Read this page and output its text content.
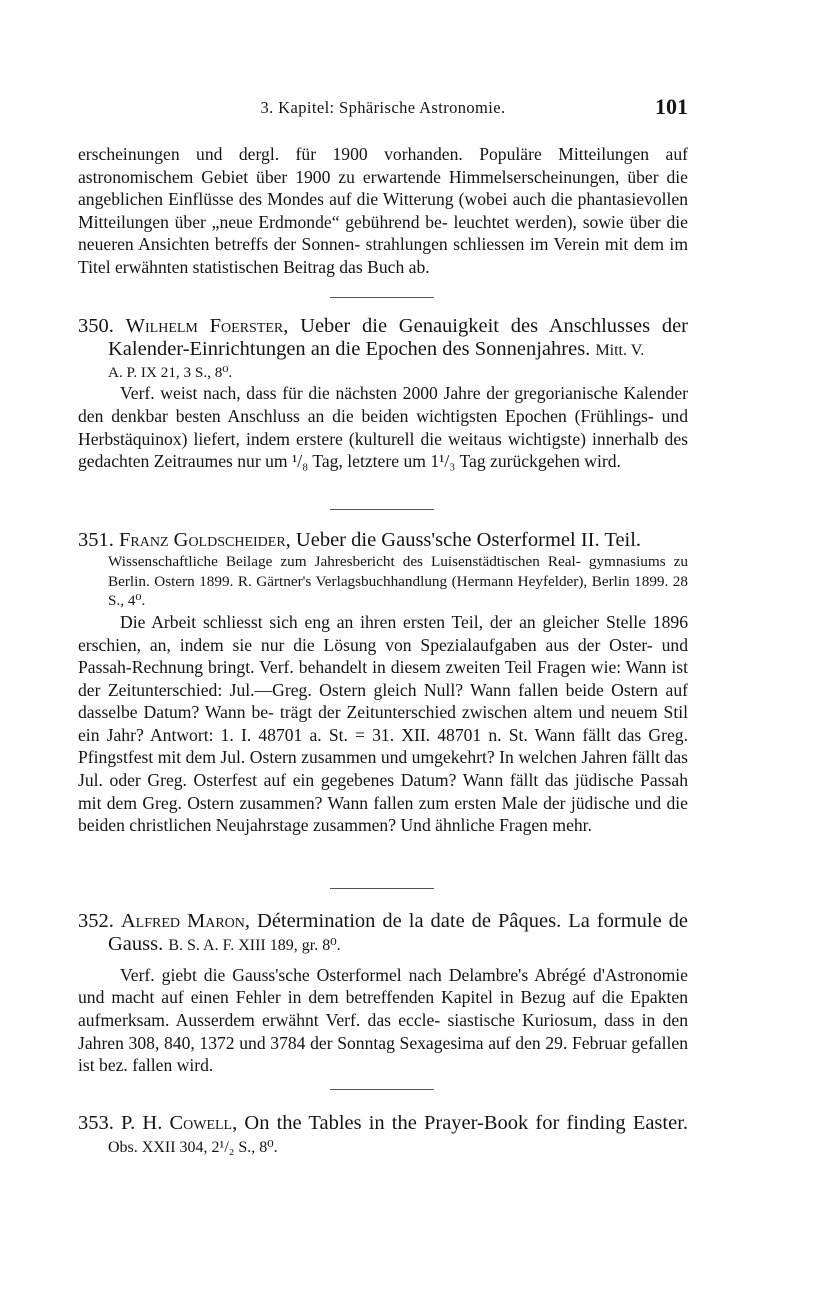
3. Kapitel: Sphärische Astronomie.	101

erscheinungen und dergl. für 1900 vorhanden. Populäre Mitteilungen auf astronomischem Gebiet über 1900 zu erwartende Himmelserscheinungen, über die angeblichen Einflüsse des Mondes auf die Witterung (wobei auch die phantasievollen Mitteilungen über „neue Erdmonde“ gebührend be- leuchtet werden), sowie über die neueren Ansichten betreffs der Sonnen- strahlungen schliessen im Verein mit dem im Titel erwähnten statistischen Beitrag das Buch ab.

350. Wilhelm Foerster, Ueber die Genauigkeit des Anschlusses der Kalender-Einrichtungen an die Epochen des Sonnenjahres. Mitt. V.

A. P. IX 21, 3 S., 8⁰.

Verf. weist nach, dass für die nächsten 2000 Jahre der gregorianische Kalender den denkbar besten Anschluss an die beiden wichtigsten Epochen (Frühlings- und Herbstäquinox) liefert, indem erstere (kulturell die weitaus wichtigste) innerhalb des gedachten Zeitraumes nur um ¹/₈ Tag, letztere um 1¹/₃ Tag zurückgehen wird.

351. Franz Goldscheider, Ueber die Gauss'sche Osterformel II. Teil.

Wissenschaftliche Beilage zum Jahresbericht des Luisenstädtischen Real- gymnasiums zu Berlin. Ostern 1899. R. Gärtner's Verlagsbuchhandlung (Hermann Heyfelder), Berlin 1899. 28 S., 4⁰.

Die Arbeit schliesst sich eng an ihren ersten Teil, der an gleicher Stelle 1896 erschien, an, indem sie nur die Lösung von Spezialaufgaben aus der Oster- und Passah-Rechnung bringt. Verf. behandelt in diesem zweiten Teil Fragen wie: Wann ist der Zeitunterschied: Jul.—Greg. Ostern gleich Null? Wann fallen beide Ostern auf dasselbe Datum? Wann be- trägt der Zeitunterschied zwischen altem und neuem Stil ein Jahr? Antwort: 1. I. 48701 a. St. = 31. XII. 48701 n. St. Wann fällt das Greg. Pfingstfest mit dem Jul. Ostern zusammen und umgekehrt? In welchen Jahren fällt das Jul. oder Greg. Osterfest auf ein gegebenes Datum? Wann fällt das jüdische Passah mit dem Greg. Ostern zusammen? Wann fallen zum ersten Male der jüdische und die beiden christlichen Neujahrstage zusammen? Und ähnliche Fragen mehr.

352. Alfred Maron, Détermination de la date de Pâques. La formule de Gauss. B. S. A. F. XIII 189, gr. 8⁰.

Verf. giebt die Gauss'sche Osterformel nach Delambre's Abrégé d'Astronomie und macht auf einen Fehler in dem betreffenden Kapitel in Bezug auf die Epakten aufmerksam. Ausserdem erwähnt Verf. das eccle- siastische Kuriosum, dass in den Jahren 308, 840, 1372 und 3784 der Sonntag Sexagesima auf den 29. Februar gefallen ist bez. fallen wird.

353. P. H. Cowell, On the Tables in the Prayer-Book for finding Easter. Obs. XXII 304, 2¹/₂ S., 8⁰.
